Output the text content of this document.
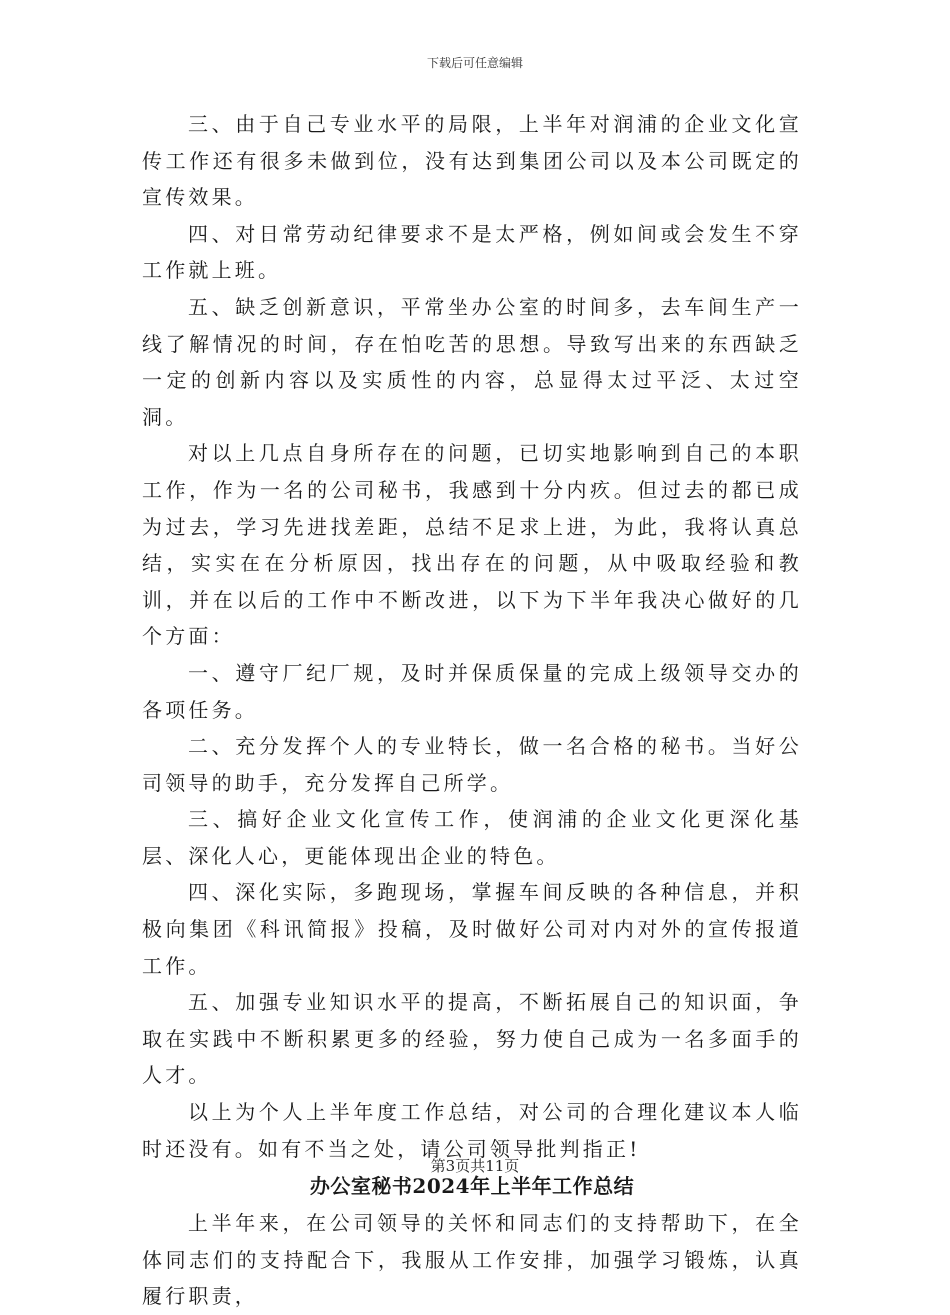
下载后可任意编辑

三、由于自己专业水平的局限，上半年对润浦的企业文化宣传工作还有很多未做到位，没有达到集团公司以及本公司既定的宣传效果。

四、对日常劳动纪律要求不是太严格，例如间或会发生不穿工作就上班。

五、缺乏创新意识，平常坐办公室的时间多，去车间生产一线了解情况的时间，存在怕吃苦的思想。导致写出来的东西缺乏一定的创新内容以及实质性的内容，总显得太过平泛、太过空洞。

对以上几点自身所存在的问题，已切实地影响到自己的本职工作，作为一名的公司秘书，我感到十分内疚。但过去的都已成为过去，学习先进找差距，总结不足求上进，为此，我将认真总结，实实在在分析原因，找出存在的问题，从中吸取经验和教训，并在以后的工作中不断改进，以下为下半年我决心做好的几个方面：

一、遵守厂纪厂规，及时并保质保量的完成上级领导交办的各项任务。

二、充分发挥个人的专业特长，做一名合格的秘书。当好公司领导的助手，充分发挥自己所学。

三、搞好企业文化宣传工作，使润浦的企业文化更深化基层、深化人心，更能体现出企业的特色。

四、深化实际，多跑现场，掌握车间反映的各种信息，并积极向集团《科讯简报》投稿，及时做好公司对内对外的宣传报道工作。

五、加强专业知识水平的提高，不断拓展自己的知识面，争取在实践中不断积累更多的经验，努力使自己成为一名多面手的人才。

以上为个人上半年度工作总结，对公司的合理化建议本人临时还没有。如有不当之处，请公司领导批判指正!

办公室秘书2024年上半年工作总结

上半年来，在公司领导的关怀和同志们的支持帮助下，在全体同志们的支持配合下，我服从工作安排，加强学习锻炼，认真履行职责，

第3页共11页
